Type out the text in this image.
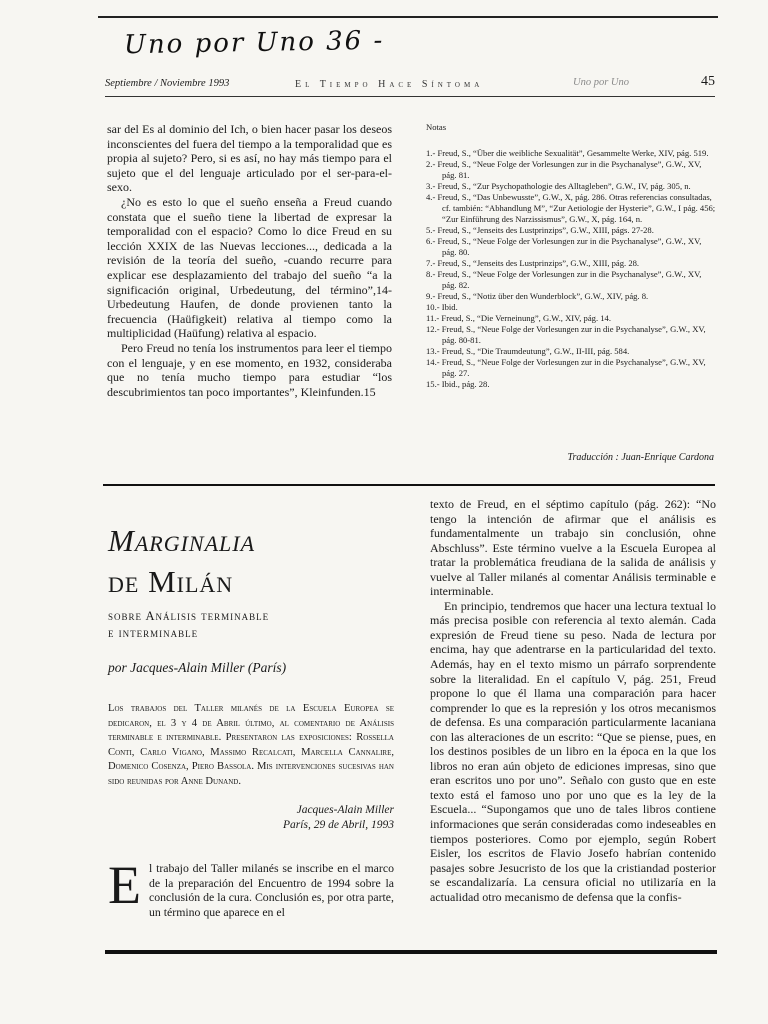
Uno por Uno 36 -
Septiembre / Noviembre 1993	El Tiempo Hace Síntoma	Uno por Uno	45

sar del Es al dominio del Ich, o bien hacer pasar los deseos inconscientes del fuera del tiempo a la temporalidad que es propia al sujeto? Pero, si es así, no hay más tiempo para el sujeto que el del lenguaje articulado por el ser-para-el-sexo.

¿No es esto lo que el sueño enseña a Freud cuando constata que el sueño tiene la libertad de expresar la temporalidad con el espacio? Como lo dice Freud en su lección XXIX de las Nuevas lecciones..., dedicada a la revisión de la teoría del sueño, -cuando recurre para explicar ese desplazamiento del trabajo del sueño “a la significación original, Urbedeutung, del término”,14- Urbedeutung Haufen, de donde provienen tanto la frecuencia (Haüfigkeit) relativa al tiempo como la multiplicidad (Haüfung) relativa al espacio.

Pero Freud no tenía los instrumentos para leer el tiempo con el lenguaje, y en ese momento, en 1932, consideraba que no tenía mucho tiempo para estudiar “los descubrimientos tan poco importantes”, Kleinfunden.15

Notas
1.- Freud, S., “Über die weibliche Sexualität”, Gesammelte Werke, XIV, pág. 519.
2.- Freud, S., “Neue Folge der Vorlesungen zur in die Psychanalyse”, G.W., XV, pág. 81.
3.- Freud, S., “Zur Psychopathologie des Alltagleben”, G.W., IV, pág. 305, n.
4.- Freud, S., “Das Unbewusste”, G.W., X, pág. 286. Otras referencias consultadas, cf. también: “Abhandlung M”, “Zur Aetiologie der Hysterie”, G.W., I pág. 456; “Zur Einführung des Narzissismus”, G.W., X, pág. 164, n.
5.- Freud, S., “Jenseits des Lustprinzips”, G.W., XIII, págs. 27-28.
6.- Freud, S., “Neue Folge der Vorlesungen zur in die Psychanalyse”, G.W., XV, pág. 80.
7.- Freud, S., “Jenseits des Lustprinzips”, G.W., XIII, pág. 28.
8.- Freud, S., “Neue Folge der Vorlesungen zur in die Psychanalyse”, G.W., XV, pág. 82.
9.- Freud, S., “Notiz über den Wunderblock”, G.W., XIV, pág. 8.
10.- Ibid.
11.- Freud, S., “Die Verneinung”, G.W., XIV, pág. 14.
12.- Freud, S., “Neue Folge der Vorlesungen zur in die Psychanalyse”, G.W., XV, pág. 80-81.
13.- Freud, S., “Die Traumdeutung”, G.W., II-III, pág. 584.
14.- Freud, S., “Neue Folge der Vorlesungen zur in die Psychanalyse”, G.W., XV, pág. 27.
15.- Ibid., pág. 28.
Traducción : Juan-Enrique Cardona
Marginalia
de Milán
sobre Análisis terminable
e interminable
por Jacques-Alain Miller (París)
Los trabajos del Taller milanés de la Escuela Europea se dedicaron, el 3 y 4 de Abril último, al comentario de Análisis terminable e interminable. Presentaron las exposiciones: Rossella Conti, Carlo Vigano, Massimo Recalcati, Marcella Cannalire, Domenico Cosenza, Piero Bassola. Mis intervenciones sucesivas han sido reunidas por Anne Dunand.
Jacques-Alain Miller
París, 29 de Abril, 1993
E l trabajo del Taller milanés se inscribe en el marco de la preparación del Encuentro de 1994 sobre la conclusión de la cura. Conclusión es, por otra parte, un término que aparece en el

texto de Freud, en el séptimo capítulo (pág. 262): “No tengo la intención de afirmar que el análisis es fundamentalmente un trabajo sin conclusión, ohne Abschluss”. Este término vuelve a la Escuela Europea al tratar la problemática freudiana de la salida de análisis y vuelve al Taller milanés al comentar Análisis terminable e interminable.

En principio, tendremos que hacer una lectura textual lo más precisa posible con referencia al texto alemán. Cada expresión de Freud tiene su peso. Nada de lectura por encima, hay que adentrarse en la particularidad del texto. Además, hay en el texto mismo un párrafo sorprendente sobre la literalidad. En el capítulo V, pág. 251, Freud propone lo que él llama una comparación para hacer comprender lo que es la represión y los otros mecanismos de defensa. Es una comparación particularmente lacaniana con las alteraciones de un escrito: “Que se piense, pues, en los destinos posibles de un libro en la época en la que los libros no eran aún objeto de ediciones impresas, sino que eran escritos uno por uno”. Señalo con gusto que en este texto está el famoso uno por uno que es la ley de la Escuela... “Supongamos que uno de tales libros contiene informaciones que serán consideradas como indeseables en tiempos posteriores. Como por ejemplo, según Robert Eisler, los escritos de Flavio Josefo habrían contenido pasajes sobre Jesucristo de los que la cristiandad posterior se escandalizaría. La censura oficial no utilizaría en la actualidad otro mecanismo de defensa que la confis-
